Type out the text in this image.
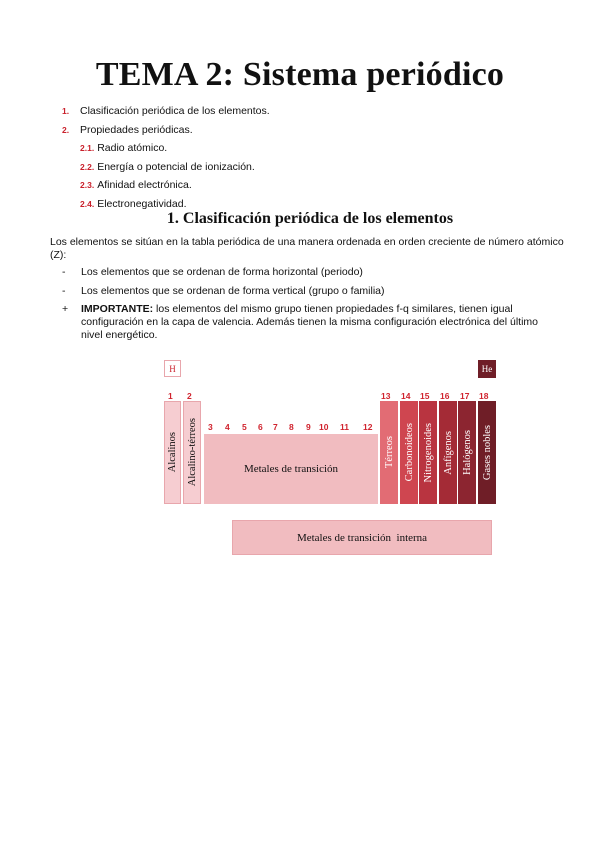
TEMA 2: Sistema periódico
1.	Clasificación periódica de los elementos.
2.	Propiedades periódicas.
2.1. Radio atómico.
2.2. Energía o potencial de ionización.
2.3. Afinidad electrónica.
2.4. Electronegatividad.
1. Clasificación periódica de los elementos

Los elementos se sitúan en la tabla periódica de una manera ordenada en orden creciente de número atómico (Z):

- Los elementos que se ordenan de forma horizontal (periodo)
- Los elementos que se ordenan de forma vertical (grupo o familia)
+ IMPORTANTE: los elementos del mismo grupo tienen propiedades f-q similares, tienen igual configuración en la capa de valencia. Además tienen la misma configuración electrónica del último nivel energético.
H	He
1 2
3 4 5 6 7 8 9 10 11 12
13 14 15 16 17 18
Alcalinos Alcalino-térreos	Metales de transición
Térreos Carbonoideos Nitrogenoides Anfígenos Halógenos Gases nobles
Metales de transición  interna
